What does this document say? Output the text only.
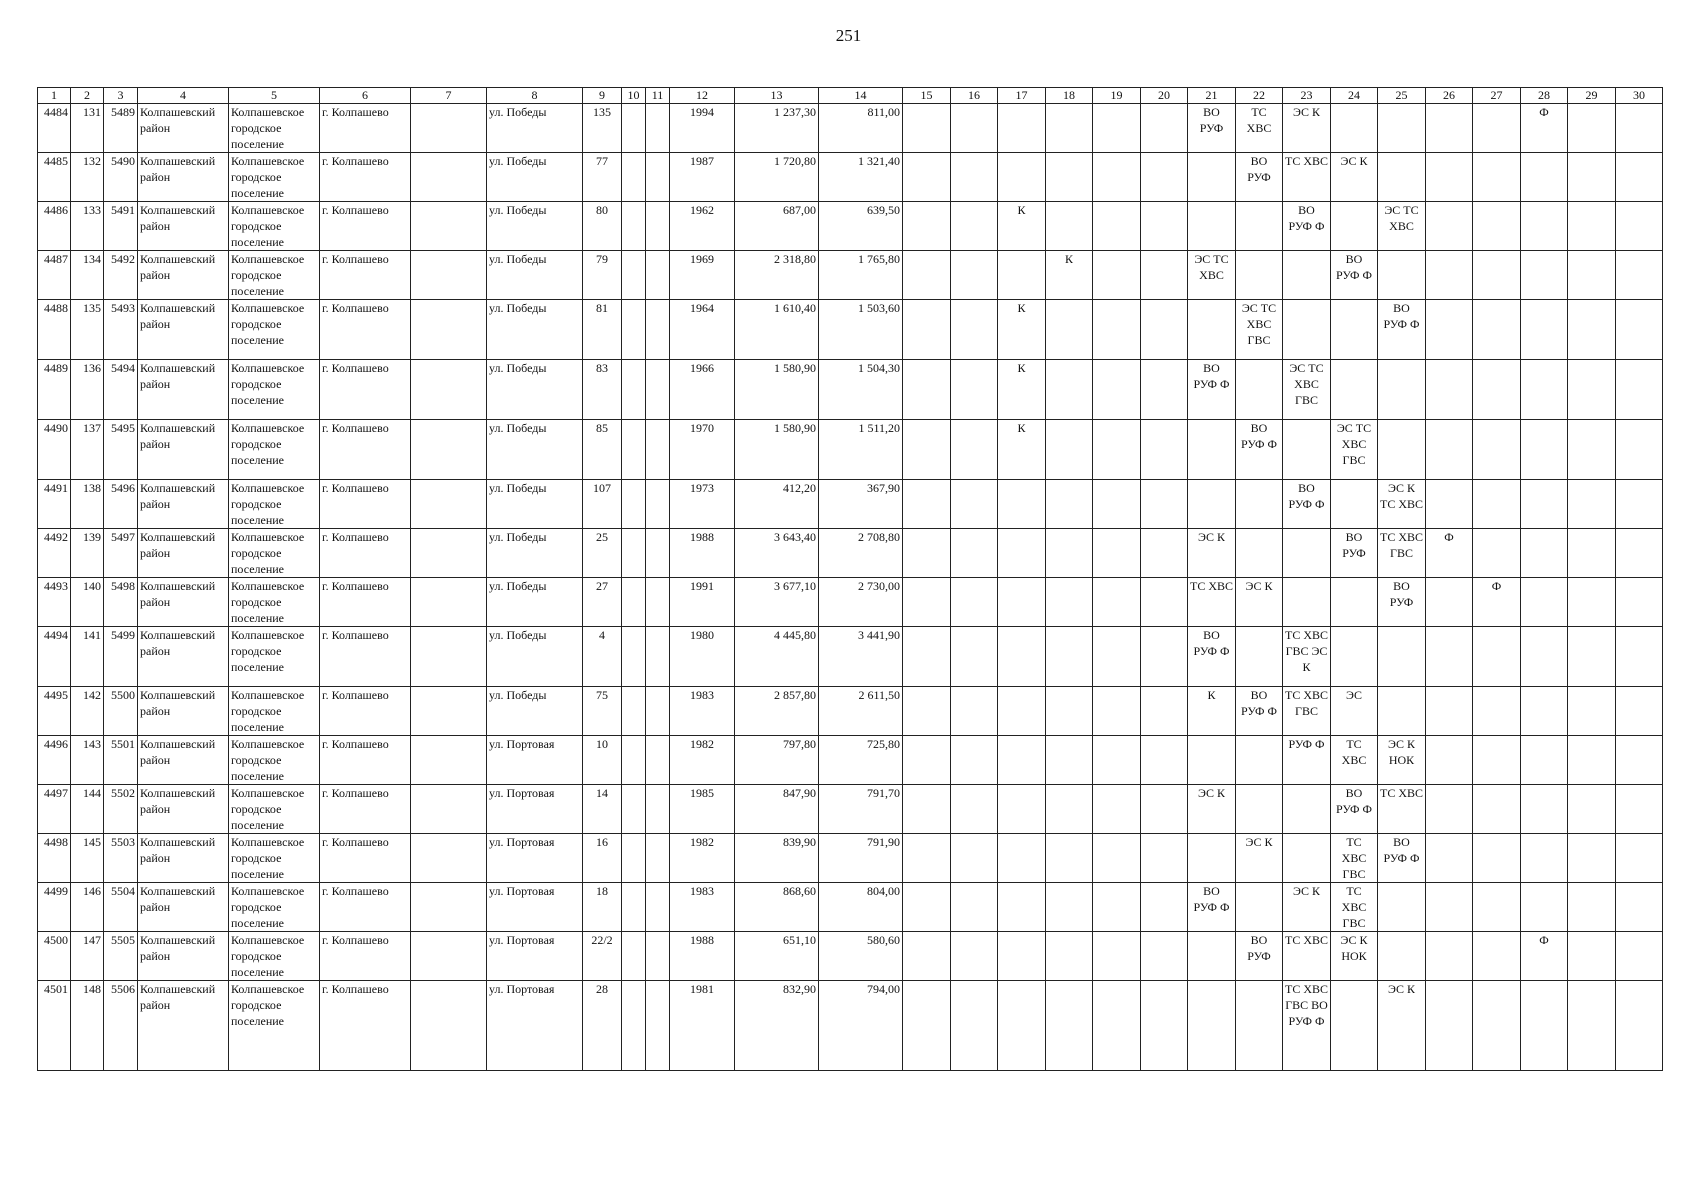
251
1	2	3	4	5	6	7	8	9	10	11	12	13	14	15	16	17	18	19	20	21	22	23	24	25	26	27	28	29	30
4484	131	5489	Колпашевский район	Колпашевское городское поселение	г. Колпашево		ул. Победы	135			1994	1 237,30	811,00							ВО РУФ	ТС ХВС	ЭС К					Ф		
4485	132	5490	Колпашевский район	Колпашевское городское поселение	г. Колпашево		ул. Победы	77			1987	1 720,80	1 321,40								ВО РУФ	ТС ХВС	ЭС К						
4486	133	5491	Колпашевский район	Колпашевское городское поселение	г. Колпашево		ул. Победы	80			1962	687,00	639,50			К						ВО РУФ Ф		ЭС ТС ХВС					
4487	134	5492	Колпашевский район	Колпашевское городское поселение	г. Колпашево		ул. Победы	79			1969	2 318,80	1 765,80				К			ЭС ТС ХВС			ВО РУФ Ф						
4488	135	5493	Колпашевский район	Колпашевское городское поселение	г. Колпашево		ул. Победы	81			1964	1 610,40	1 503,60			К					ЭС ТС ХВС ГВС			ВО РУФ Ф					
4489	136	5494	Колпашевский район	Колпашевское городское поселение	г. Колпашево		ул. Победы	83			1966	1 580,90	1 504,30			К				ВО РУФ Ф		ЭС ТС ХВС ГВС							
4490	137	5495	Колпашевский район	Колпашевское городское поселение	г. Колпашево		ул. Победы	85			1970	1 580,90	1 511,20			К					ВО РУФ Ф		ЭС ТС ХВС ГВС						
4491	138	5496	Колпашевский район	Колпашевское городское поселение	г. Колпашево		ул. Победы	107			1973	412,20	367,90									ВО РУФ Ф		ЭС К ТС ХВС					
4492	139	5497	Колпашевский район	Колпашевское городское поселение	г. Колпашево		ул. Победы	25			1988	3 643,40	2 708,80							ЭС К			ВО РУФ	ТС ХВС ГВС	Ф				
4493	140	5498	Колпашевский район	Колпашевское городское поселение	г. Колпашево		ул. Победы	27			1991	3 677,10	2 730,00							ТС ХВС	ЭС К			ВО РУФ		Ф			
4494	141	5499	Колпашевский район	Колпашевское городское поселение	г. Колпашево		ул. Победы	4			1980	4 445,80	3 441,90							ВО РУФ Ф		ТС ХВС ГВС ЭС К							
4495	142	5500	Колпашевский район	Колпашевское городское поселение	г. Колпашево		ул. Победы	75			1983	2 857,80	2 611,50							К	ВО РУФ Ф	ТС ХВС ГВС	ЭС						
4496	143	5501	Колпашевский район	Колпашевское городское поселение	г. Колпашево		ул. Портовая	10			1982	797,80	725,80									РУФ Ф	ТС ХВС	ЭС К НОК					
4497	144	5502	Колпашевский район	Колпашевское городское поселение	г. Колпашево		ул. Портовая	14			1985	847,90	791,70							ЭС К			ВО РУФ Ф	ТС ХВС					
4498	145	5503	Колпашевский район	Колпашевское городское поселение	г. Колпашево		ул. Портовая	16			1982	839,90	791,90								ЭС К		ТС ХВС ГВС	ВО РУФ Ф					
4499	146	5504	Колпашевский район	Колпашевское городское поселение	г. Колпашево		ул. Портовая	18			1983	868,60	804,00							ВО РУФ Ф		ЭС К	ТС ХВС ГВС						
4500	147	5505	Колпашевский район	Колпашевское городское поселение	г. Колпашево		ул. Портовая	22/2			1988	651,10	580,60								ВО РУФ	ТС ХВС	ЭС К НОК				Ф		
4501	148	5506	Колпашевский район	Колпашевское городское поселение	г. Колпашево		ул. Портовая	28			1981	832,90	794,00									ТС ХВС ГВС ВО РУФ Ф		ЭС К					
